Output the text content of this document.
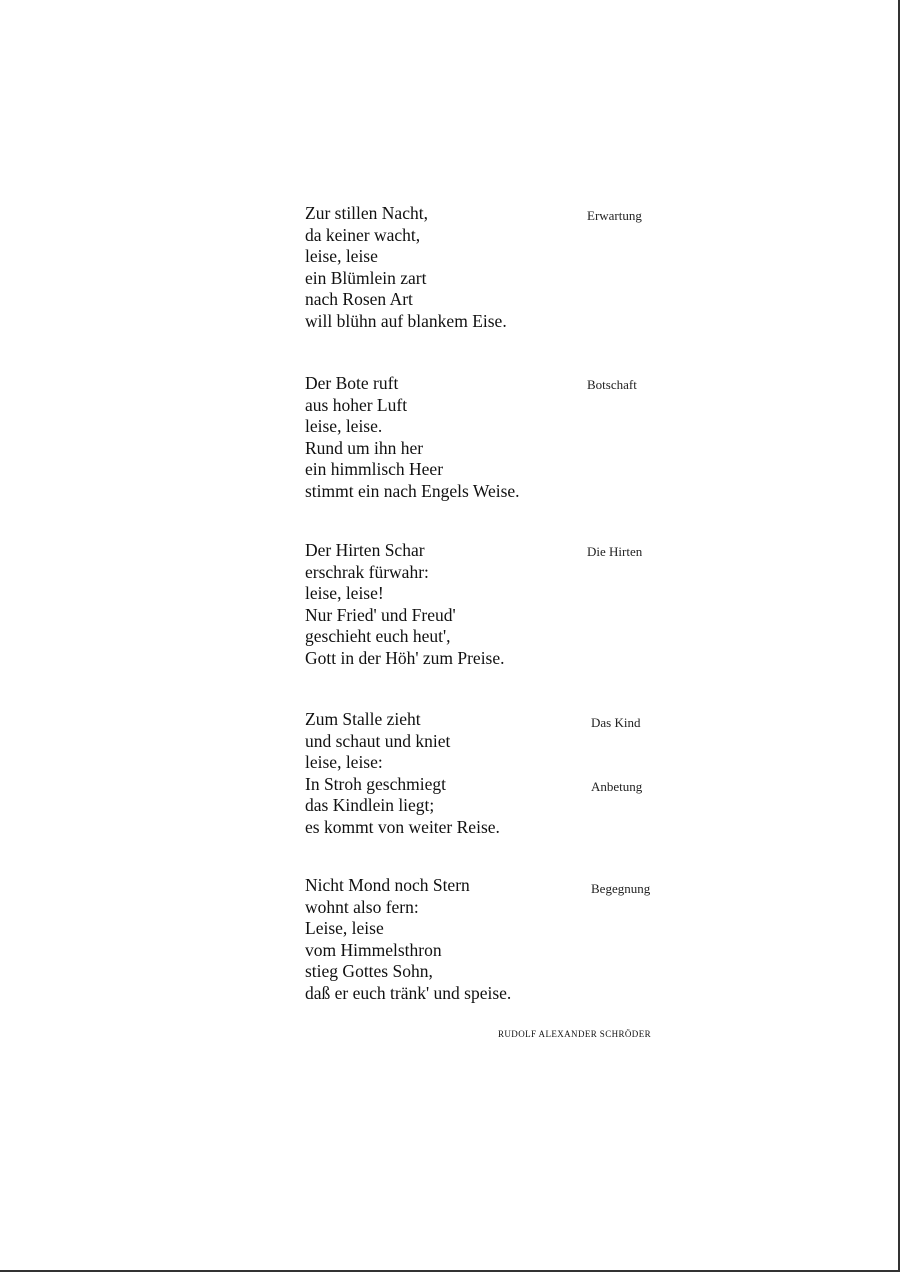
Zur stillen Nacht,
da keiner wacht,
leise, leise
ein Blümlein zart
nach Rosen Art
will blühn auf blankem Eise.
Erwartung
Der Bote ruft
aus hoher Luft
leise, leise.
Rund um ihn her
ein himmlisch Heer
stimmt ein nach Engels Weise.
Botschaft
Der Hirten Schar
erschrak fürwahr:
leise, leise!
Nur Fried' und Freud'
geschieht euch heut',
Gott in der Höh' zum Preise.
Die Hirten
Zum Stalle zieht
und schaut und kniet
leise, leise:
In Stroh geschmiegt
das Kindlein liegt;
es kommt von weiter Reise.
Das Kind
Anbetung
Nicht Mond noch Stern
wohnt also fern:
Leise, leise
vom Himmelsthron
stieg Gottes Sohn,
daß er euch tränk' und speise.
Begegnung
RUDOLF ALEXANDER SCHRÖDER
